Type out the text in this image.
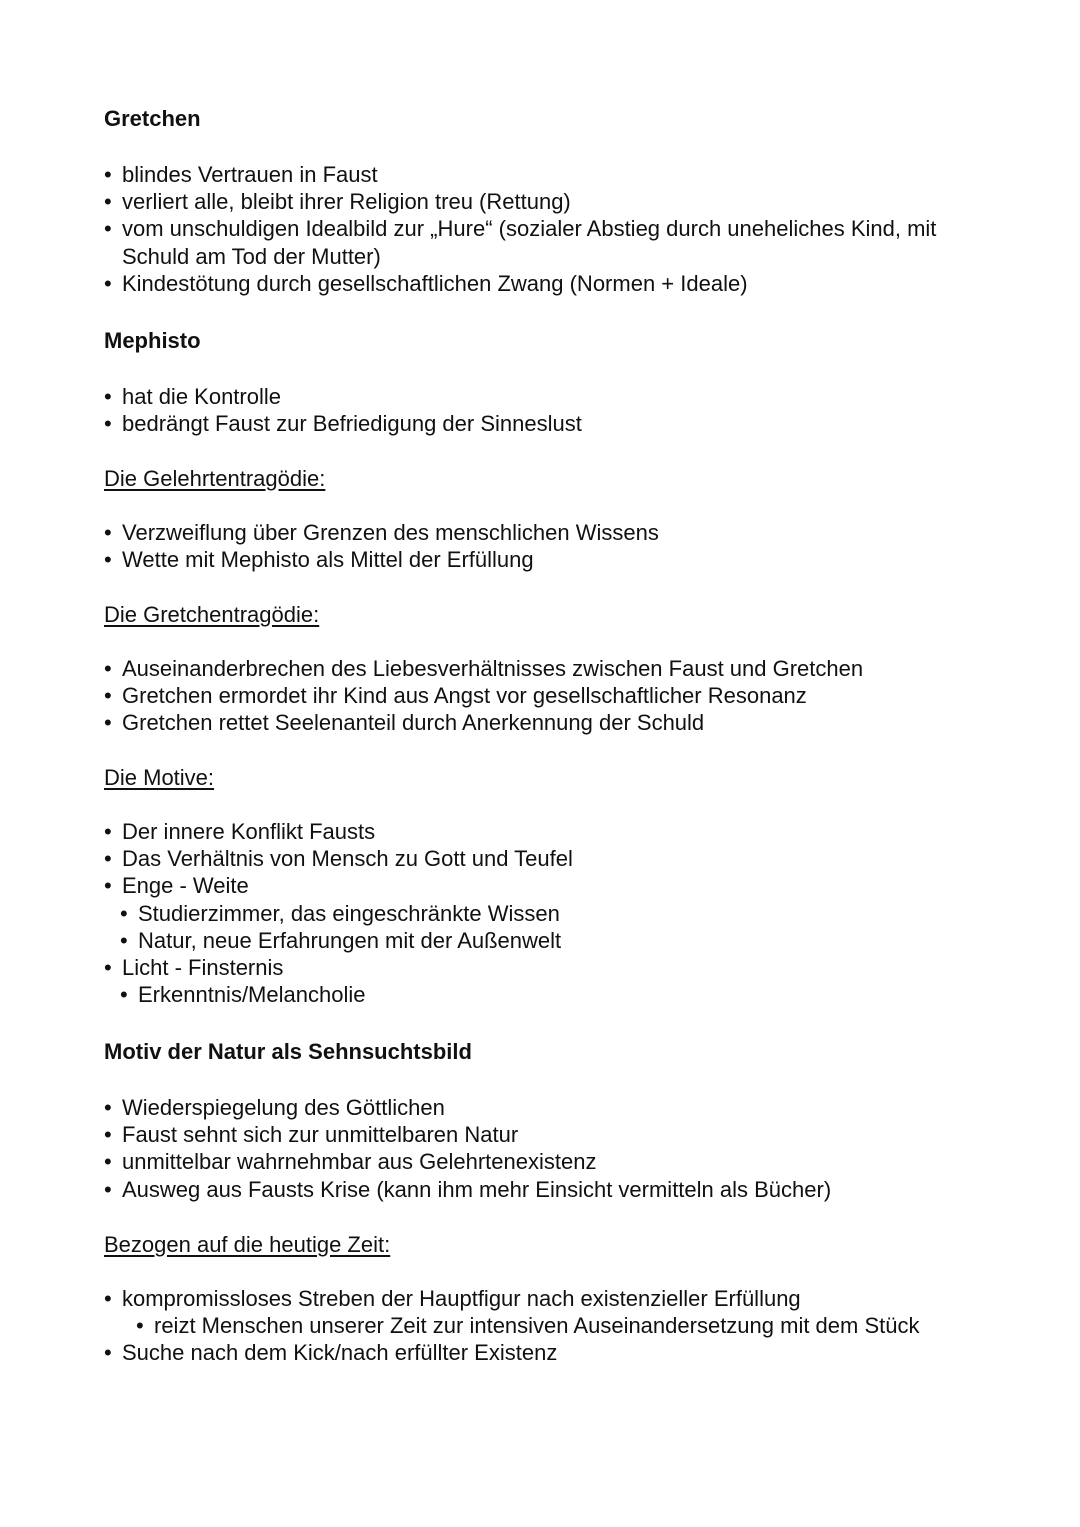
Gretchen
• blindes Vertrauen in Faust
• verliert alle, bleibt ihrer Religion treu (Rettung)
• vom unschuldigen Idealbild zur „Hure“ (sozialer Abstieg durch uneheliches Kind, mit Schuld am Tod der Mutter)
• Kindestötung durch gesellschaftlichen Zwang (Normen + Ideale)
Mephisto
• hat die Kontrolle
• bedrängt Faust zur Befriedigung der Sinneslust
Die Gelehrtentragödie:
• Verzweiflung über Grenzen des menschlichen Wissens
• Wette mit Mephisto als Mittel der Erfüllung
Die Gretchentragödie:
• Auseinanderbrechen des Liebesverhältnisses zwischen Faust und Gretchen
• Gretchen ermordet ihr Kind aus Angst vor gesellschaftlicher Resonanz
• Gretchen rettet Seelenanteil durch Anerkennung der Schuld
Die Motive:
• Der innere Konflikt Fausts
• Das Verhältnis von Mensch zu Gott und Teufel
• Enge - Weite
• Studierzimmer, das eingeschränkte Wissen
• Natur, neue Erfahrungen mit der Außenwelt
• Licht - Finsternis
• Erkenntnis/Melancholie
Motiv der Natur als Sehnsuchtsbild
• Wiederspiegelung des Göttlichen
• Faust sehnt sich zur unmittelbaren Natur
• unmittelbar wahrnehmbar aus Gelehrtenexistenz
• Ausweg aus Fausts Krise (kann ihm mehr Einsicht vermitteln als Bücher)
Bezogen auf die heutige Zeit:
• kompromissloses Streben der Hauptfigur nach existenzieller Erfüllung
• reizt Menschen unserer Zeit zur intensiven Auseinandersetzung mit dem Stück
• Suche nach dem Kick/nach erfüllter Existenz
